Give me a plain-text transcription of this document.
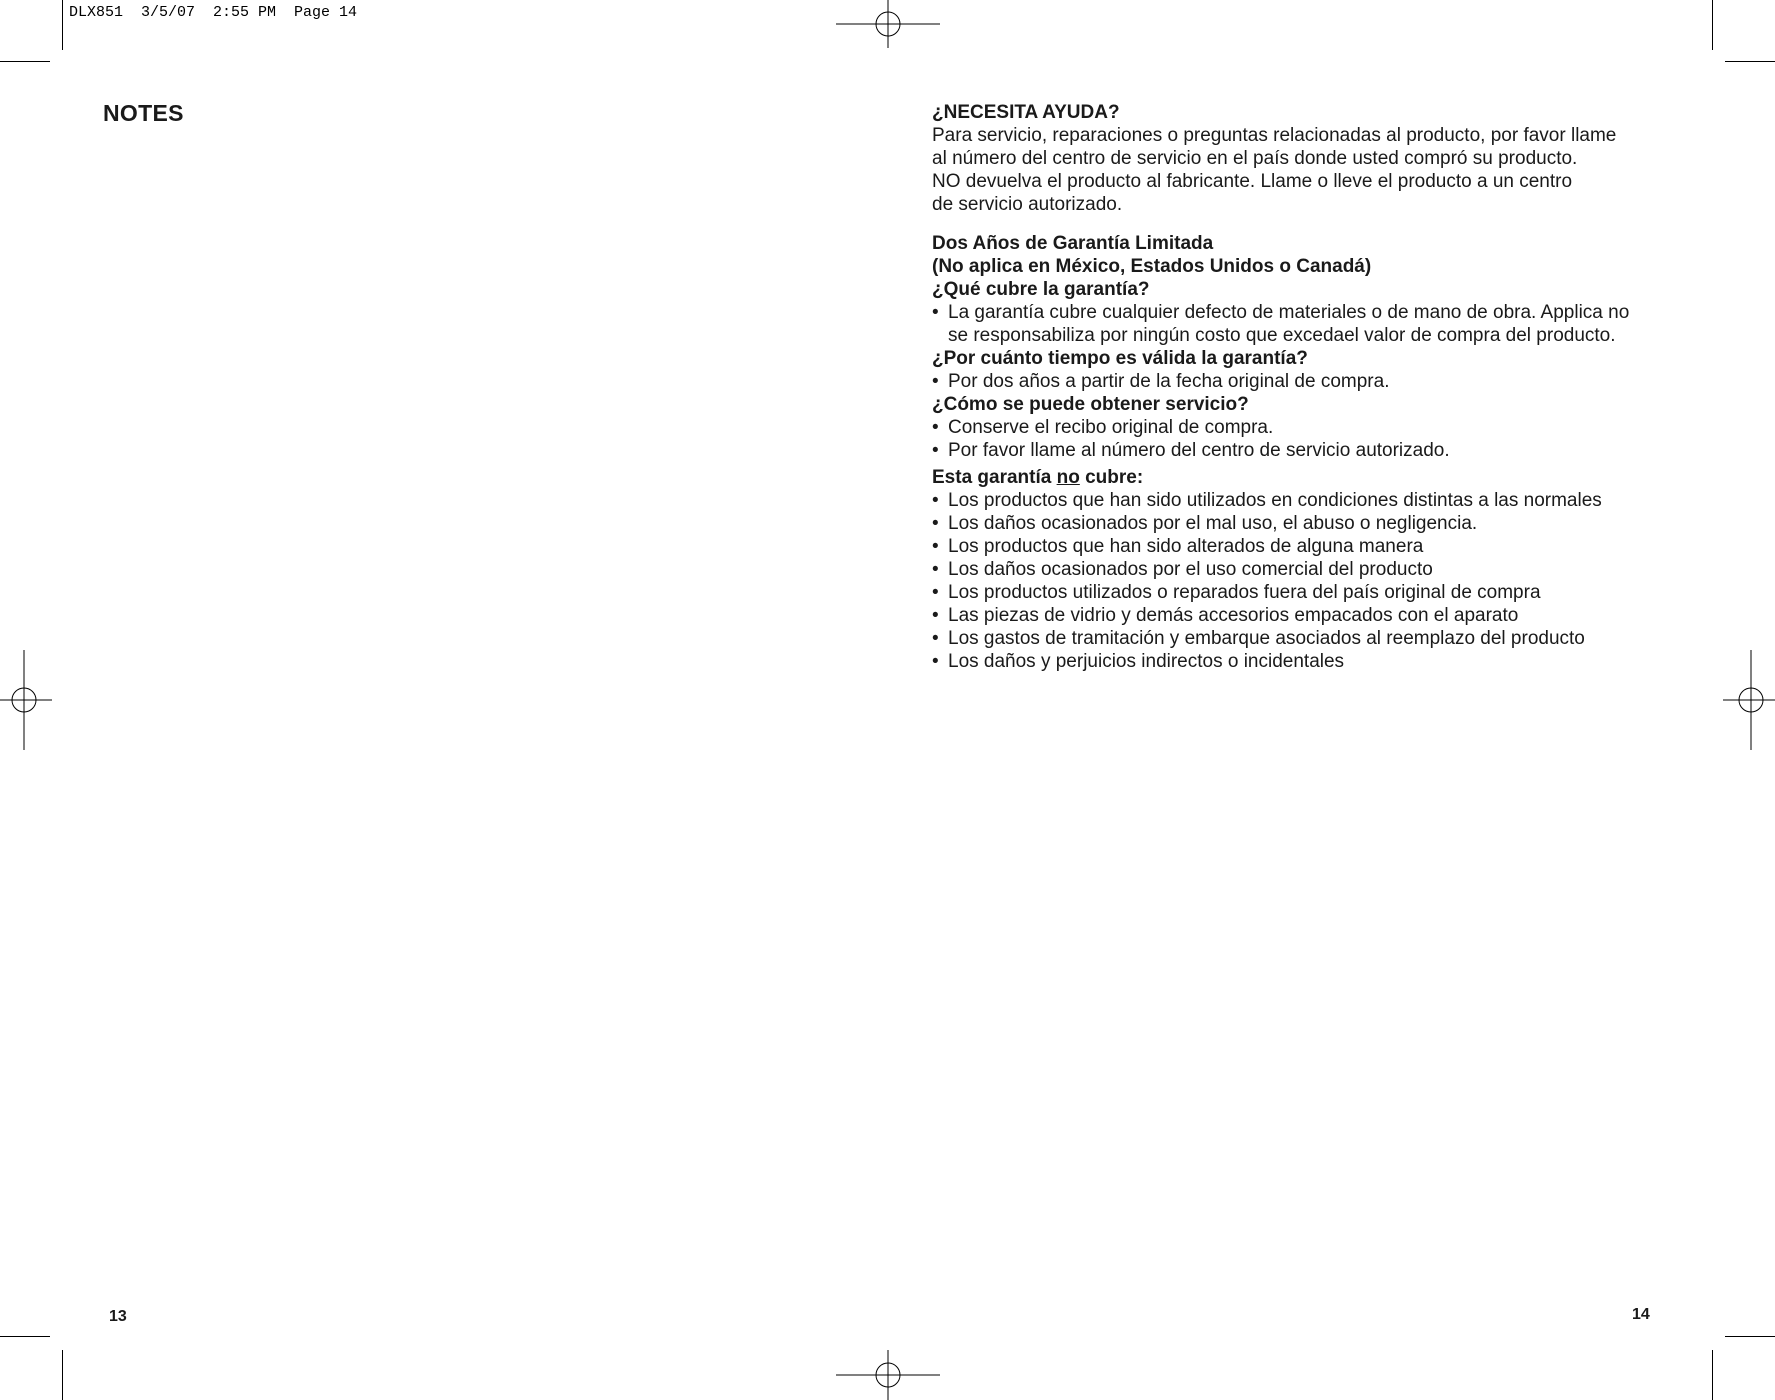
DLX851  3/5/07  2:55 PM  Page 14
NOTES
13

¿NECESITA AYUDA?

Para servicio, reparaciones o preguntas relacionadas al producto, por favor llame

al número del centro de servicio en el país donde usted compró su producto.

NO devuelva el producto al fabricante. Llame o lleve el producto a un centro

de servicio autorizado.

Dos Años de Garantía Limitada

(No aplica en México, Estados Unidos o Canadá)

¿Qué cubre la garantía?

• La garantía cubre cualquier defecto de materiales o de mano de obra. Applica no

se responsabiliza por ningún costo que excedael valor de compra del producto.

¿Por cuánto tiempo es válida la garantía?

• Por dos años a partir de la fecha original de compra.

¿Cómo se puede obtener servicio?

• Conserve el recibo original de compra.

• Por favor llame al número del centro de servicio autorizado.

Esta garantía no cubre:

• Los productos que han sido utilizados en condiciones distintas a las normales

• Los daños ocasionados por el mal uso, el abuso o negligencia.

• Los productos que han sido alterados de alguna manera

• Los daños ocasionados por el uso comercial del producto

• Los productos utilizados o reparados fuera del país original de compra

• Las piezas de vidrio y demás accesorios empacados con el aparato

• Los gastos de tramitación y embarque asociados al reemplazo del producto

• Los daños y perjuicios indirectos o incidentales

14
